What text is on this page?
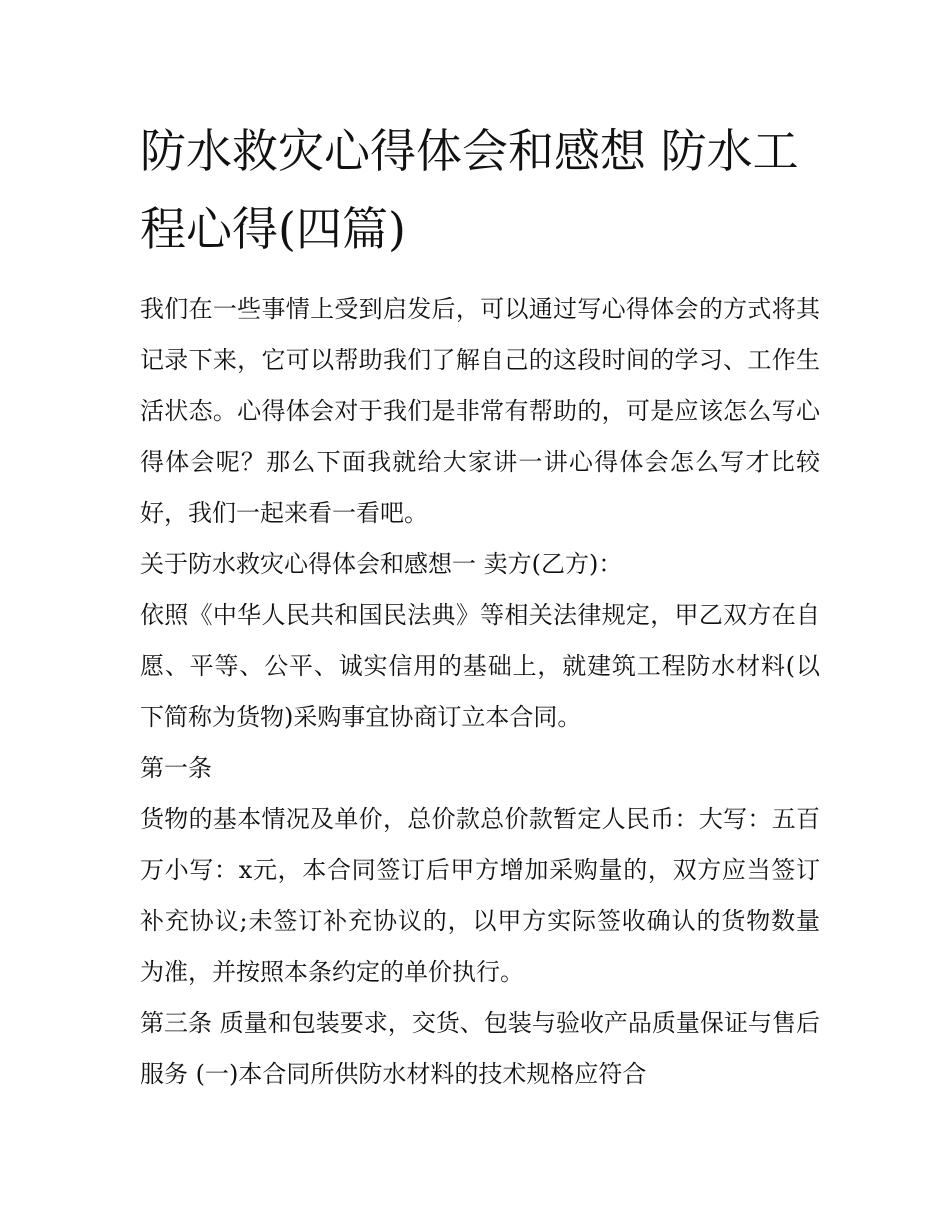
防水救灾心得体会和感想 防水工程心得(四篇)

我们在一些事情上受到启发后，可以通过写心得体会的方式将其记录下来，它可以帮助我们了解自己的这段时间的学习、工作生活状态。心得体会对于我们是非常有帮助的，可是应该怎么写心得体会呢？那么下面我就给大家讲一讲心得体会怎么写才比较好，我们一起来看一看吧。

关于防水救灾心得体会和感想一 卖方(乙方)：

依照《中华人民共和国民法典》等相关法律规定，甲乙双方在自愿、平等、公平、诚实信用的基础上，就建筑工程防水材料(以下简称为货物)采购事宜协商订立本合同。

第一条

货物的基本情况及单价，总价款总价款暂定人民币：大写：五百万小写：x元，本合同签订后甲方增加采购量的，双方应当签订补充协议;未签订补充协议的，以甲方实际签收确认的货物数量为准，并按照本条约定的单价执行。

第三条 质量和包装要求，交货、包装与验收产品质量保证与售后服务 (一)本合同所供防水材料的技术规格应符合
